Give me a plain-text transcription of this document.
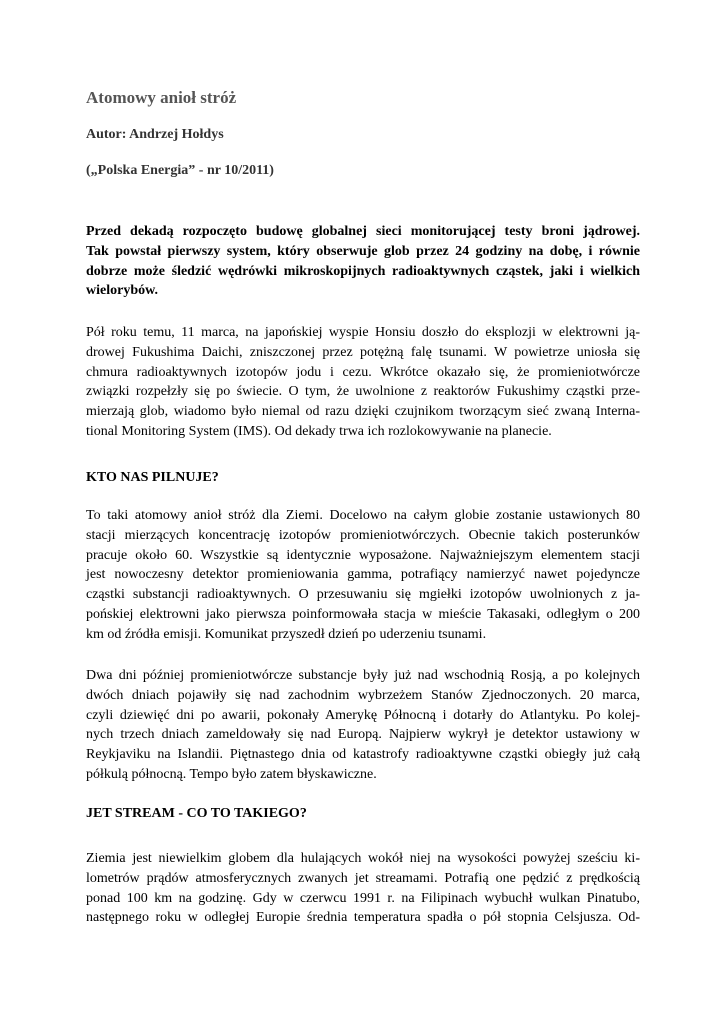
Atomowy anioł stróż

Autor: Andrzej Hołdys

(„Polska Energia” - nr 10/2011)

Przed dekadą rozpoczęto budowę globalnej sieci monitorującej testy broni jądrowej.
Tak powstał pierwszy system, który obserwuje glob przez 24 godziny na dobę, i równie
dobrze może śledzić wędrówki mikroskopijnych radioaktywnych cząstek, jaki i wielkich
wielorybów.
Pół roku temu, 11 marca, na japońskiej wyspie Honsiu doszło do eksplozji w elektrowni ją-
drowej Fukushima Daichi, zniszczonej przez potężną falę tsunami. W powietrze uniosła się
chmura radioaktywnych izotopów jodu i cezu. Wkrótce okazało się, że promieniotwórcze
związki rozpełzły się po świecie. O tym, że uwolnione z reaktorów Fukushimy cząstki prze-
mierzają glob, wiadomo było niemal od razu dzięki czujnikom tworzącym sieć zwaną Interna-
tional Monitoring System (IMS). Od dekady trwa ich rozlokowywanie na planecie.
KTO NAS PILNUJE?
To taki atomowy anioł stróż dla Ziemi. Docelowo na całym globie zostanie ustawionych 80
stacji mierzących koncentrację izotopów promieniotwórczych. Obecnie takich posterunków
pracuje około 60. Wszystkie są identycznie wyposażone. Najważniejszym elementem stacji
jest nowoczesny detektor promieniowania gamma, potrafiący namierzyć nawet pojedyncze
cząstki substancji radioaktywnych. O przesuwaniu się mgiełki izotopów uwolnionych z ja-
pońskiej elektrowni jako pierwsza poinformowała stacja w mieście Takasaki, odległym o 200
km od źródła emisji. Komunikat przyszedł dzień po uderzeniu tsunami.
Dwa dni później promieniotwórcze substancje były już nad wschodnią Rosją, a po kolejnych
dwóch dniach pojawiły się nad zachodnim wybrzeżem Stanów Zjednoczonych. 20 marca,
czyli dziewięć dni po awarii, pokonały Amerykę Północną i dotarły do Atlantyku. Po kolej-
nych trzech dniach zameldowały się nad Europą. Najpierw wykrył je detektor ustawiony w
Reykjaviku na Islandii. Piętnastego dnia od katastrofy radioaktywne cząstki obiegły już całą
półkulą północną. Tempo było zatem błyskawiczne.
JET STREAM - CO TO TAKIEGO?
Ziemia jest niewielkim globem dla hulających wokół niej na wysokości powyżej sześciu ki-
lometrów prądów atmosferycznych zwanych jet streamami. Potrafią one pędzić z prędkością
ponad 100 km na godzinę. Gdy w czerwcu 1991 r. na Filipinach wybuchł wulkan Pinatubo,
następnego roku w odległej Europie średnia temperatura spadła o pół stopnia Celsjusza. Od-
